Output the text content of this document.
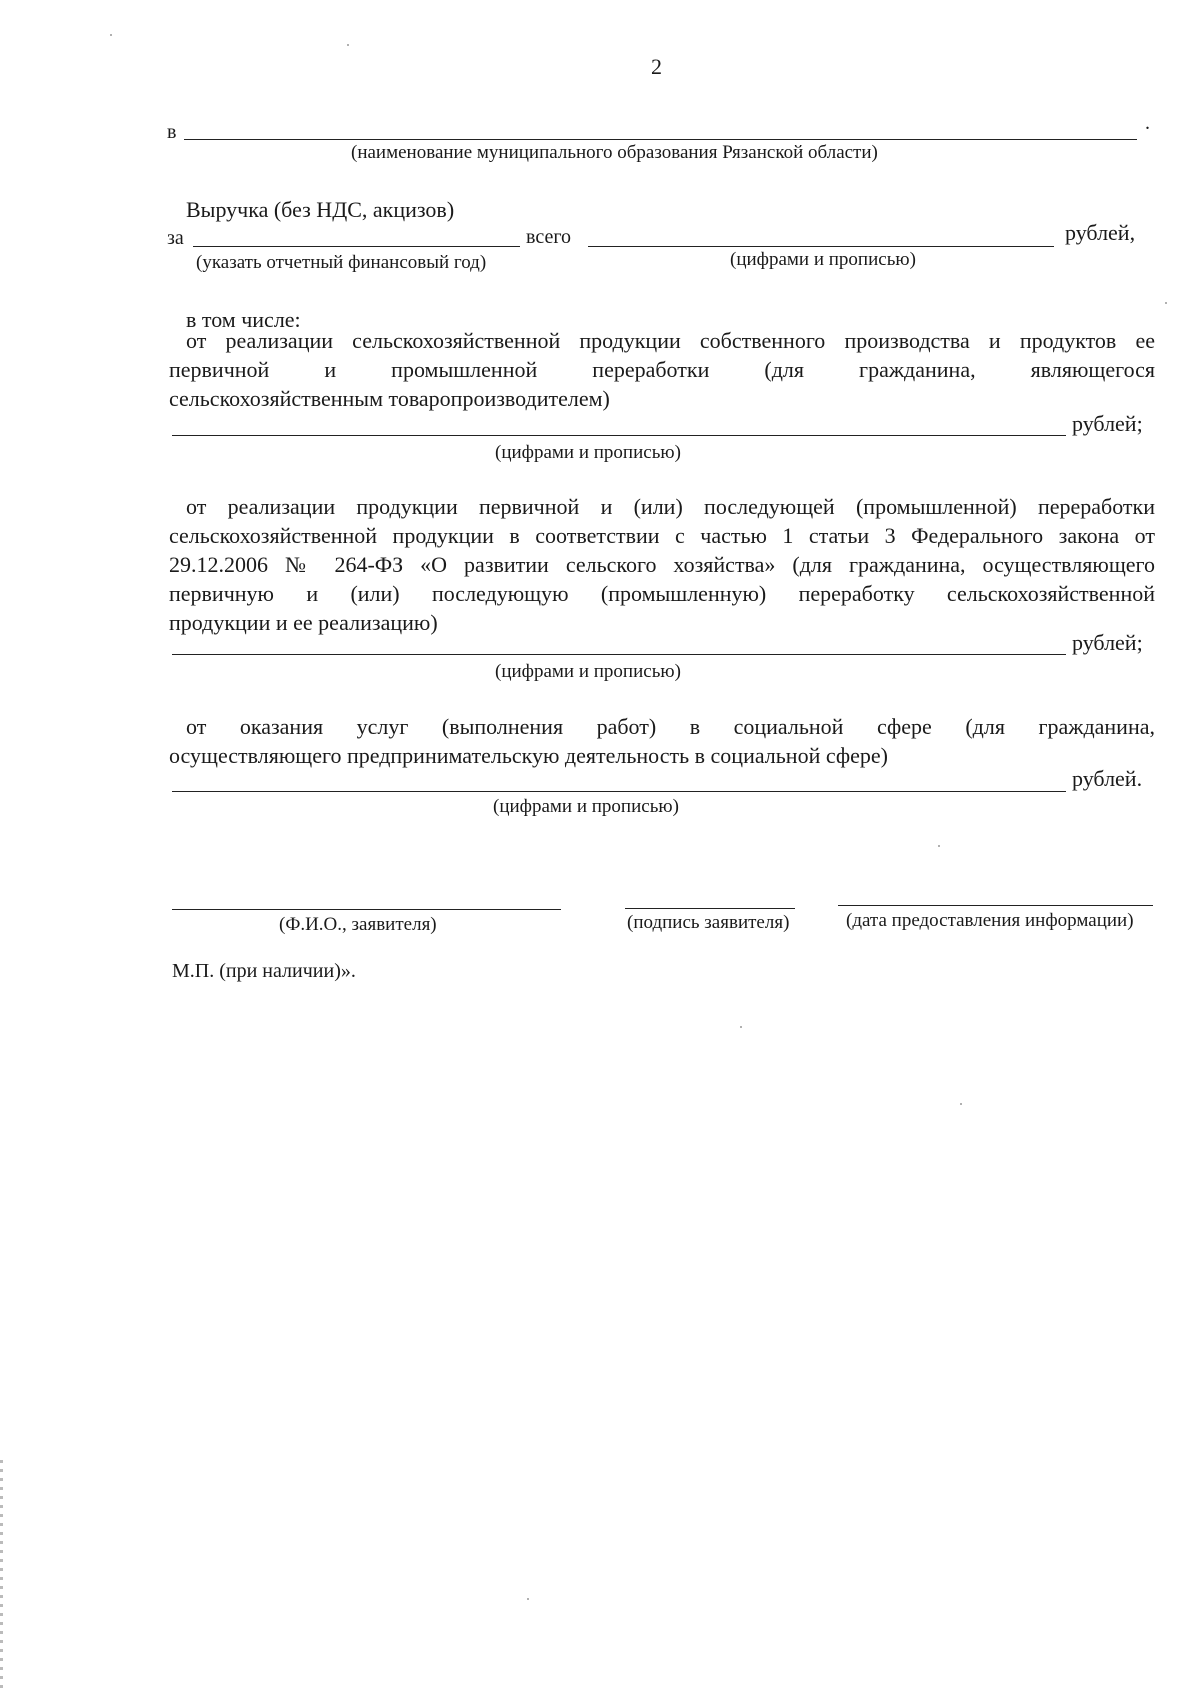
2
в	.
(наименование муниципального образования Рязанской области)
Выручка (без НДС, акцизов)
за	всего	рублей,
(указать отчетный финансовый год)	(цифрами и прописью)
в том числе:
от реализации сельскохозяйственной продукции собственного производства и продуктов ее
первичной и промышленной переработки (для гражданина, являющегося
сельскохозяйственным товаропроизводителем)
рублей;
(цифрами и прописью)
от реализации продукции первичной и (или) последующей (промышленной) переработки
сельскохозяйственной продукции в соответствии с частью 1 статьи 3 Федерального закона от
29.12.2006 № 264-ФЗ «О развитии сельского хозяйства» (для гражданина, осуществляющего
первичную и (или) последующую (промышленную) переработку сельскохозяйственной
продукции и ее реализацию)
рублей;
(цифрами и прописью)
от оказания услуг (выполнения работ) в социальной сфере (для гражданина,
осуществляющего предпринимательскую деятельность в социальной сфере)
рублей.
(цифрами и прописью)
(Ф.И.О., заявителя)	(подпись заявителя)	(дата предоставления информации)
М.П. (при наличии)».
